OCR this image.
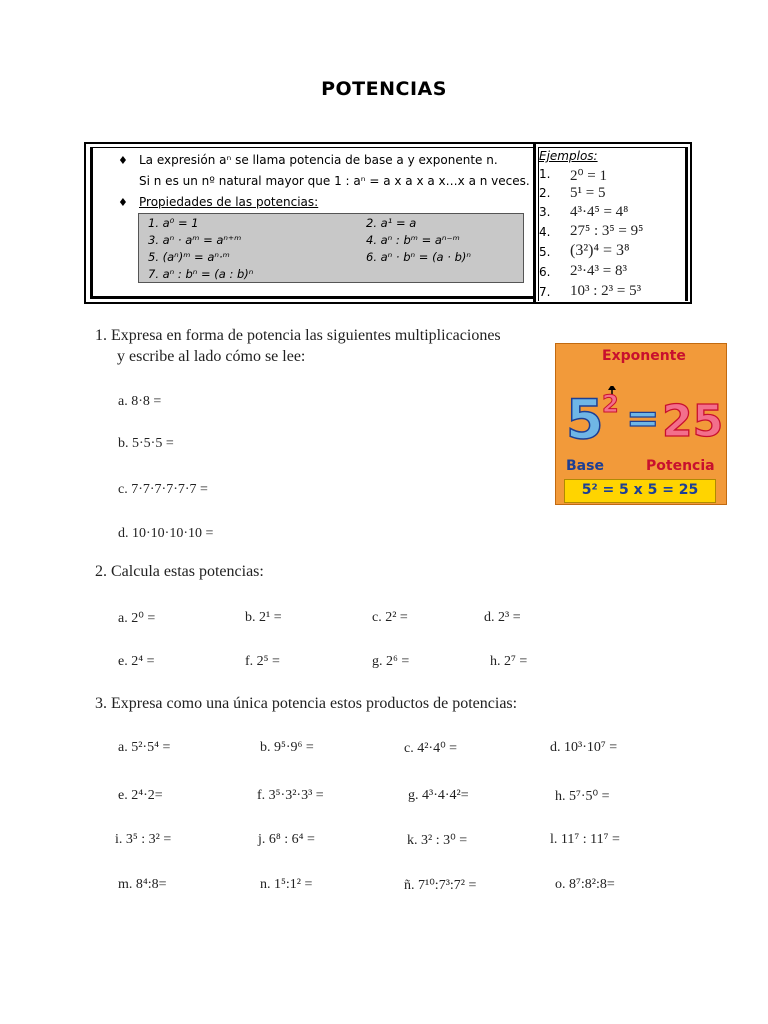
POTENCIAS
♦ La expresión aⁿ se llama potencia de base a y exponente n.
Si n es un nº natural mayor que 1 : aⁿ = a x a x a x…x a n veces.
♦ Propiedades de las potencias:
1. a⁰ = 1	2. a¹ = a
3. aⁿ · aᵐ = aⁿ⁺ᵐ	4. aⁿ : bᵐ = aⁿ⁻ᵐ
5. (aⁿ)ᵐ = aⁿ·ᵐ	6. aⁿ · bⁿ = (a · b)ⁿ
7. aⁿ : bⁿ = (a : b)ⁿ
Ejemplos:
1. 2⁰ = 1
2. 5¹ = 5
3. 4³·4⁵ = 4⁸
4. 27⁵ : 3⁵ = 9⁵
5. (3²)⁴ = 3⁸
6. 2³·4³ = 8³
7. 10³ : 2³ = 5³
1. Expresa en forma de potencia las siguientes multiplicaciones
y escribe al lado cómo se lee:
a. 8·8 =
b. 5·5·5 =
c. 7·7·7·7·7·7 =
d. 10·10·10·10 =
Exponente
5
2 = 25
Base	Potencia
5² = 5 x 5 = 25
2. Calcula estas potencias:
a. 2⁰ =	b. 2¹ =	c. 2² =	d. 2³ =
e. 2⁴ =	f. 2⁵ =	g. 2⁶ =	h. 2⁷ =
3. Expresa como una única potencia estos productos de potencias:
a. 5²·5⁴ =	b. 9⁵·9⁶ =	c. 4²·4⁰ =	d. 10³·10⁷ =
e. 2⁴·2=	f. 3⁵·3²·3³ =	g. 4³·4·4²=	h. 5⁷·5⁰ =
i. 3⁵ : 3² =	j. 6⁸ : 6⁴ =	k. 3² : 3⁰ =	l. 11⁷ : 11⁷ =
m. 8⁴:8=	n. 1⁵:1² =	ñ. 7¹⁰:7³:7² =	o. 8⁷:8²:8=
